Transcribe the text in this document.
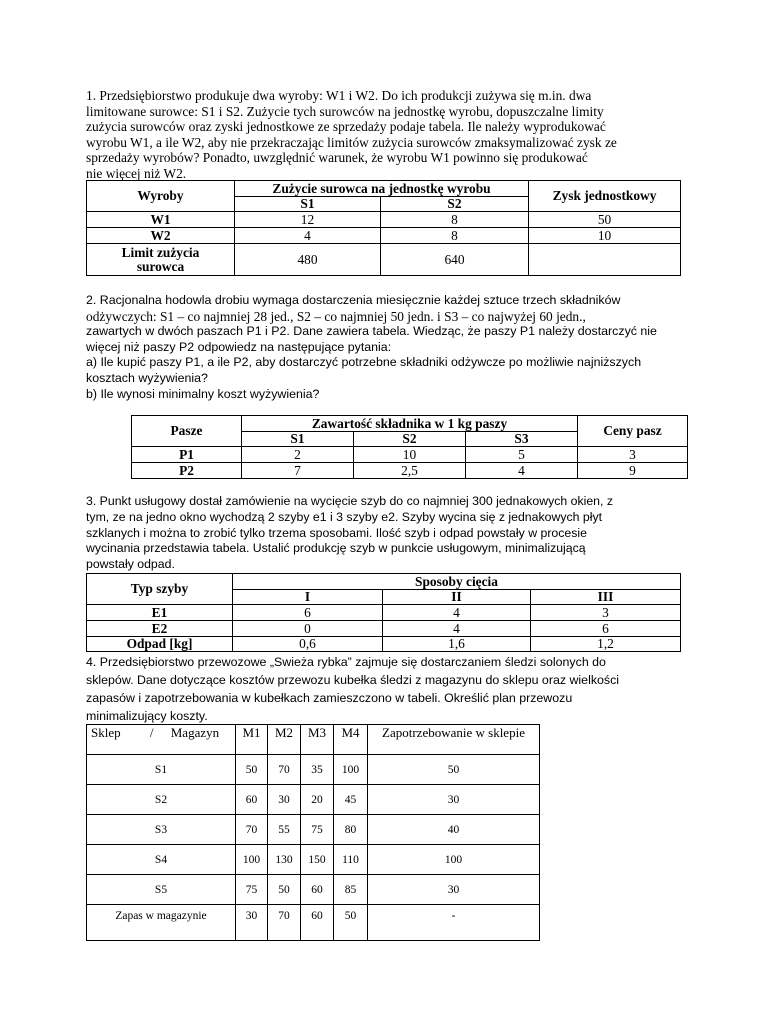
1. Przedsiębiorstwo produkuje dwa wyroby: W1 i W2. Do ich produkcji zużywa się m.in. dwa
limitowane surowce: S1 i S2. Zużycie tych surowców na jednostkę wyrobu, dopuszczalne limity
zużycia surowców oraz zyski jednostkowe ze sprzedaży podaje tabela. Ile należy wyprodukować
wyrobu W1, a ile W2, aby nie przekraczając limitów zużycia surowców zmaksymalizować zysk ze
sprzedaży wyrobów? Ponadto, uwzględnić warunek, że wyrobu W1 powinno się produkować
nie więcej niż W2.
Wyroby	Zużycie surowca na jednostkę wyrobu		Zysk jednostkowy
	S1	S2	
W1	12	8	50
W2	4	8	10
Limit zużycia surowca	480	640	
2. Racjonalna hodowla drobiu wymaga dostarczenia miesięcznie każdej sztuce trzech składników
odżywczych: S1 – co najmniej 28 jed., S2 – co najmniej 50 jedn. i S3 – co najwyżej 60 jedn.,
zawartych w dwóch paszach P1 i P2. Dane zawiera tabela. Wiedząc, że paszy P1 należy dostarczyć nie
więcej niż paszy P2 odpowiedz na następujące pytania:
a) Ile kupić paszy P1, a ile P2, aby dostarczyć potrzebne składniki odżywcze po możliwie najniższych
kosztach wyżywienia?
b) Ile wynosi minimalny koszt wyżywienia?
Pasze	Zawartość składnika w 1 kg paszy			Ceny pasz
	S1	S2	S3	
P1	2	10	5	3
P2	7	2,5	4	9
3. Punkt usługowy dostał zamówienie na wycięcie szyb do co najmniej 300 jednakowych okien, z
tym, ze na jedno okno wychodzą 2 szyby e1 i 3 szyby e2. Szyby wycina się z jednakowych płyt
szklanych i można to zrobić tylko trzema sposobami. Ilość szyb i odpad powstały w procesie
wycinania przedstawia tabela. Ustalić produkcję szyb w punkcie usługowym, minimalizującą
powstały odpad.
Typ szyby	Sposoby cięcia		
	I	II	III
E1	6	4	3
E2	0	4	6
Odpad [kg]	0,6	1,6	1,2
4. Przedsiębiorstwo przewozowe „Swieża rybka” zajmuje się dostarczaniem śledzi solonych do
sklepów. Dane dotyczące kosztów przewozu kubełka śledzi z magazynu do sklepu oraz wielkości
zapasów i zapotrzebowania w kubełkach zamieszczono w tabeli. Określić plan przewozu
minimalizujący koszty.
Sklep / Magazyn	M1	M2	M3	M4	Zapotrzebowanie w sklepie
S1	50	70	35	100	50
S2	60	30	20	45	30
S3	70	55	75	80	40
S4	100	130	150	110	100
S5	75	50	60	85	30
Zapas w magazynie	30	70	60	50	-
